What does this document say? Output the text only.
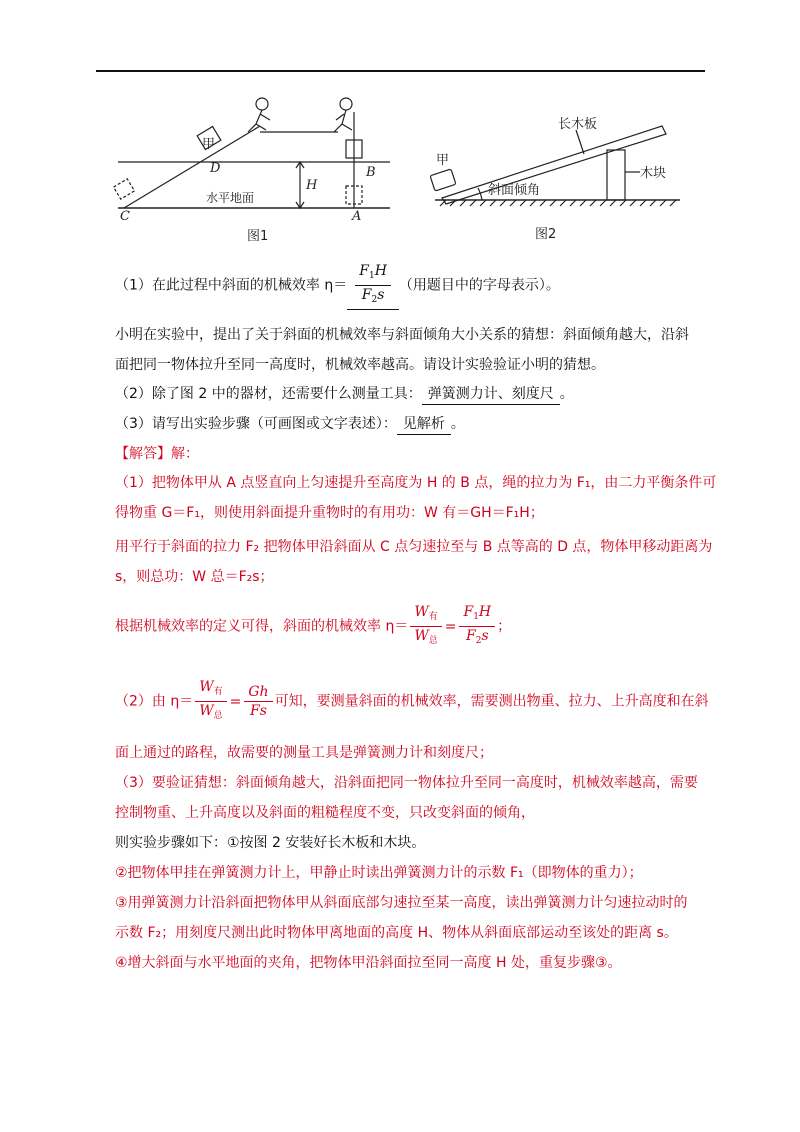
甲
D
C
H
B
A
水平地面
图1
长木板
甲
木块
斜面倾角
图2
（1）在此过程中斜面的机械效率 $\eta= \frac{F_1H}{F_2s}$ （用题目中的字母表示）。
小明在实验中，提出了关于斜面的机械效率与斜面倾角大小关系的猜想：斜面倾角越大，沿斜
面把同一物体拉升至同一高度时，机械效率越高。请设计实验验证小明的猜想。
（2）除了图 2 中的器材，还需要什么测量工具： 弹簧测力计、刻度尺 。
（3）请写出实验步骤（可画图或文字表述）： 见解析 。
【解答】解：
（1）把物体甲从 A 点竖直向上匀速提升至高度为 H 的 B 点，绳的拉力为 F₁，由二力平衡条件可
得物重 G＝F₁，则使用斜面提升重物时的有用功：W 有＝GH＝F₁H；
用平行于斜面的拉力 F₂ 把物体甲沿斜面从 C 点匀速拉至与 B 点等高的 D 点，物体甲移动距离为
s，则总功：W 总＝F₂s；
根据机械效率的定义可得，斜面的机械效率 $\eta= \frac{W_有}{W_总} = \frac{F_1H}{F_2s}$ ；
（2）由 $\eta= \frac{W_有}{W_总} = \frac{Gh}{Fs}$ 可知，要测量斜面的机械效率，需要测出物重、拉力、上升高度和在斜
面上通过的路程，故需要的测量工具是弹簧测力计和刻度尺；
（3）要验证猜想：斜面倾角越大，沿斜面把同一物体拉升至同一高度时，机械效率越高，需要
控制物重、上升高度以及斜面的粗糙程度不变，只改变斜面的倾角，
则实验步骤如下：①按图 2 安装好长木板和木块。
②把物体甲挂在弹簧测力计上，甲静止时读出弹簧测力计的示数 F₁（即物体的重力）；
③用弹簧测力计沿斜面把物体甲从斜面底部匀速拉至某一高度，读出弹簧测力计匀速拉动时的
示数 F₂；用刻度尺测出此时物体甲离地面的高度 H、物体从斜面底部运动至该处的距离 s。
④增大斜面与水平地面的夹角，把物体甲沿斜面拉至同一高度 H 处，重复步骤③。
